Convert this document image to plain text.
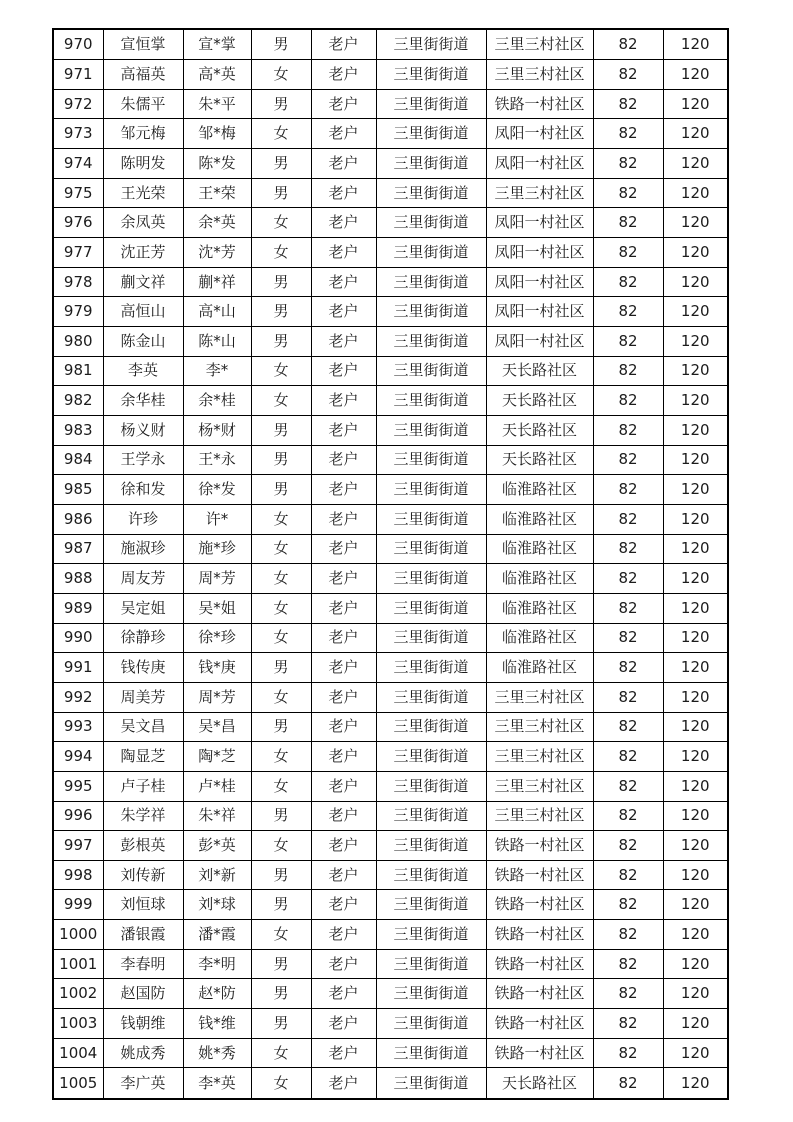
970	宣恒掌	宣*掌	男	老户	三里街街道	三里三村社区	82	120
971	高福英	高*英	女	老户	三里街街道	三里三村社区	82	120
972	朱儒平	朱*平	男	老户	三里街街道	铁路一村社区	82	120
973	邹元梅	邹*梅	女	老户	三里街街道	凤阳一村社区	82	120
974	陈明发	陈*发	男	老户	三里街街道	凤阳一村社区	82	120
975	王光荣	王*荣	男	老户	三里街街道	三里三村社区	82	120
976	余凤英	余*英	女	老户	三里街街道	凤阳一村社区	82	120
977	沈正芳	沈*芳	女	老户	三里街街道	凤阳一村社区	82	120
978	蒯文祥	蒯*祥	男	老户	三里街街道	凤阳一村社区	82	120
979	高恒山	高*山	男	老户	三里街街道	凤阳一村社区	82	120
980	陈金山	陈*山	男	老户	三里街街道	凤阳一村社区	82	120
981	李英	李*	女	老户	三里街街道	天长路社区	82	120
982	余华桂	余*桂	女	老户	三里街街道	天长路社区	82	120
983	杨义财	杨*财	男	老户	三里街街道	天长路社区	82	120
984	王学永	王*永	男	老户	三里街街道	天长路社区	82	120
985	徐和发	徐*发	男	老户	三里街街道	临淮路社区	82	120
986	许珍	许*	女	老户	三里街街道	临淮路社区	82	120
987	施淑珍	施*珍	女	老户	三里街街道	临淮路社区	82	120
988	周友芳	周*芳	女	老户	三里街街道	临淮路社区	82	120
989	吴定姐	吴*姐	女	老户	三里街街道	临淮路社区	82	120
990	徐静珍	徐*珍	女	老户	三里街街道	临淮路社区	82	120
991	钱传庚	钱*庚	男	老户	三里街街道	临淮路社区	82	120
992	周美芳	周*芳	女	老户	三里街街道	三里三村社区	82	120
993	吴文昌	吴*昌	男	老户	三里街街道	三里三村社区	82	120
994	陶显芝	陶*芝	女	老户	三里街街道	三里三村社区	82	120
995	卢子桂	卢*桂	女	老户	三里街街道	三里三村社区	82	120
996	朱学祥	朱*祥	男	老户	三里街街道	三里三村社区	82	120
997	彭根英	彭*英	女	老户	三里街街道	铁路一村社区	82	120
998	刘传新	刘*新	男	老户	三里街街道	铁路一村社区	82	120
999	刘恒球	刘*球	男	老户	三里街街道	铁路一村社区	82	120
1000	潘银霞	潘*霞	女	老户	三里街街道	铁路一村社区	82	120
1001	李春明	李*明	男	老户	三里街街道	铁路一村社区	82	120
1002	赵国防	赵*防	男	老户	三里街街道	铁路一村社区	82	120
1003	钱朝维	钱*维	男	老户	三里街街道	铁路一村社区	82	120
1004	姚成秀	姚*秀	女	老户	三里街街道	铁路一村社区	82	120
1005	李广英	李*英	女	老户	三里街街道	天长路社区	82	120
